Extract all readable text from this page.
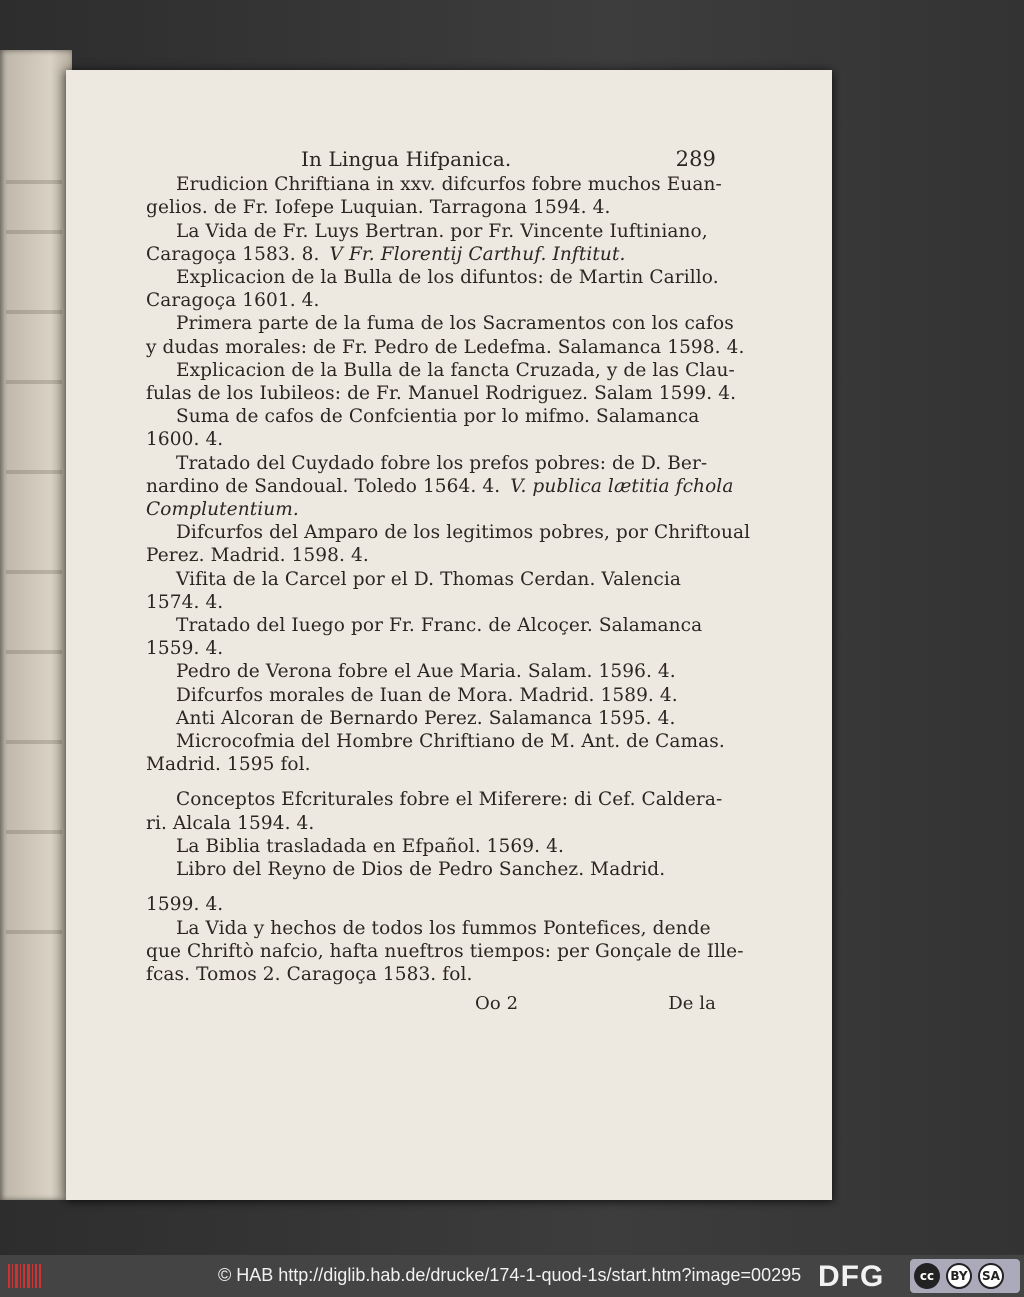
In Lingua Hifpanica.	289
Erudicion Chriftiana in xxv. difcurfos fobre muchos Euan-
gelios. de Fr. Iofepe Luquian. Tarragona 1594. 4.
La Vida de Fr. Luys Bertran. por Fr. Vincente Iuftiniano,
Caragoça 1583. 8. V Fr. Florentij Carthuf. Inftitut.
Explicacion de la Bulla de los difuntos: de Martin Carillo.
Caragoça 1601. 4.
Primera parte de la fuma de los Sacramentos con los cafos
y dudas morales: de Fr. Pedro de Ledefma. Salamanca 1598. 4.
Explicacion de la Bulla de la fancta Cruzada, y de las Clau-
fulas de los Iubileos: de Fr. Manuel Rodriguez. Salam 1599. 4.
Suma de cafos de Confcientia por lo mifmo. Salamanca
1600. 4.
Tratado del Cuydado fobre los prefos pobres: de D. Ber-
nardino de Sandoual. Toledo 1564. 4. V. publica lætitia fchola
Complutentium.
Difcurfos del Amparo de los legitimos pobres, por Chriftoual
Perez. Madrid. 1598. 4.
Vifita de la Carcel por el D. Thomas Cerdan. Valencia
1574. 4.
Tratado del Iuego por Fr. Franc. de Alcoçer. Salamanca
1559. 4.
Pedro de Verona fobre el Aue Maria. Salam. 1596. 4.
Difcurfos morales de Iuan de Mora. Madrid. 1589. 4.
Anti Alcoran de Bernardo Perez. Salamanca 1595. 4.
Microcofmia del Hombre Chriftiano de M. Ant. de Camas.
Madrid. 1595 fol.
Conceptos Efcriturales fobre el Miferere: di Cef. Caldera-
ri. Alcala 1594. 4.
La Biblia trasladada en Efpañol. 1569. 4.
Libro del Reyno de Dios de Pedro Sanchez. Madrid.
1599. 4.
La Vida y hechos de todos los fummos Pontefices, dende
que Chriftò nafcio, hafta nueftros tiempos: per Gonçale de Ille-
fcas. Tomos 2. Caragoça 1583. fol.
Oo 2	De la
© HAB http://diglib.hab.de/drucke/174-1-quod-1s/start.htm?image=00295 DFG	cc	BY	SA
